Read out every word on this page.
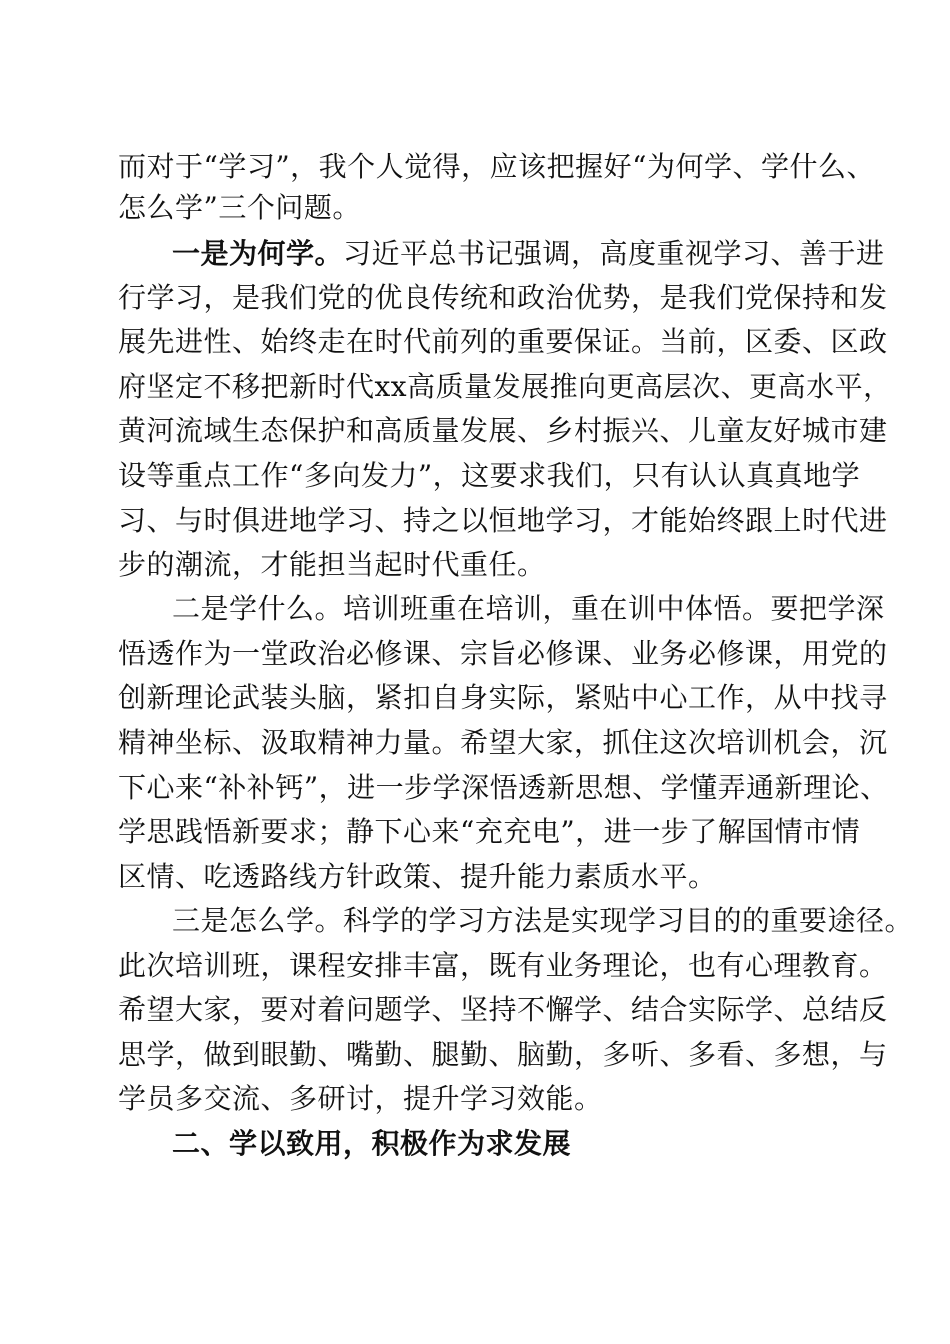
而对于“学习”，我个人觉得，应该把握好“为何学、学什么、
怎么学”三个问题。
一是为何学。习近平总书记强调，高度重视学习、善于进
行学习，是我们党的优良传统和政治优势，是我们党保持和发
展先进性、始终走在时代前列的重要保证。当前，区委、区政
府坚定不移把新时代xx高质量发展推向更高层次、更高水平，
黄河流域生态保护和高质量发展、乡村振兴、儿童友好城市建
设等重点工作“多向发力”，这要求我们，只有认认真真地学
习、与时俱进地学习、持之以恒地学习，才能始终跟上时代进
步的潮流，才能担当起时代重任。
二是学什么。培训班重在培训，重在训中体悟。要把学深
悟透作为一堂政治必修课、宗旨必修课、业务必修课，用党的
创新理论武装头脑，紧扣自身实际，紧贴中心工作，从中找寻
精神坐标、汲取精神力量。希望大家，抓住这次培训机会，沉
下心来“补补钙”，进一步学深悟透新思想、学懂弄通新理论、
学思践悟新要求；静下心来“充充电”，进一步了解国情市情
区情、吃透路线方针政策、提升能力素质水平。
三是怎么学。科学的学习方法是实现学习目的的重要途径。
此次培训班，课程安排丰富，既有业务理论，也有心理教育。
希望大家，要对着问题学、坚持不懈学、结合实际学、总结反
思学，做到眼勤、嘴勤、腿勤、脑勤，多听、多看、多想，与
学员多交流、多研讨，提升学习效能。
二、学以致用，积极作为求发展
